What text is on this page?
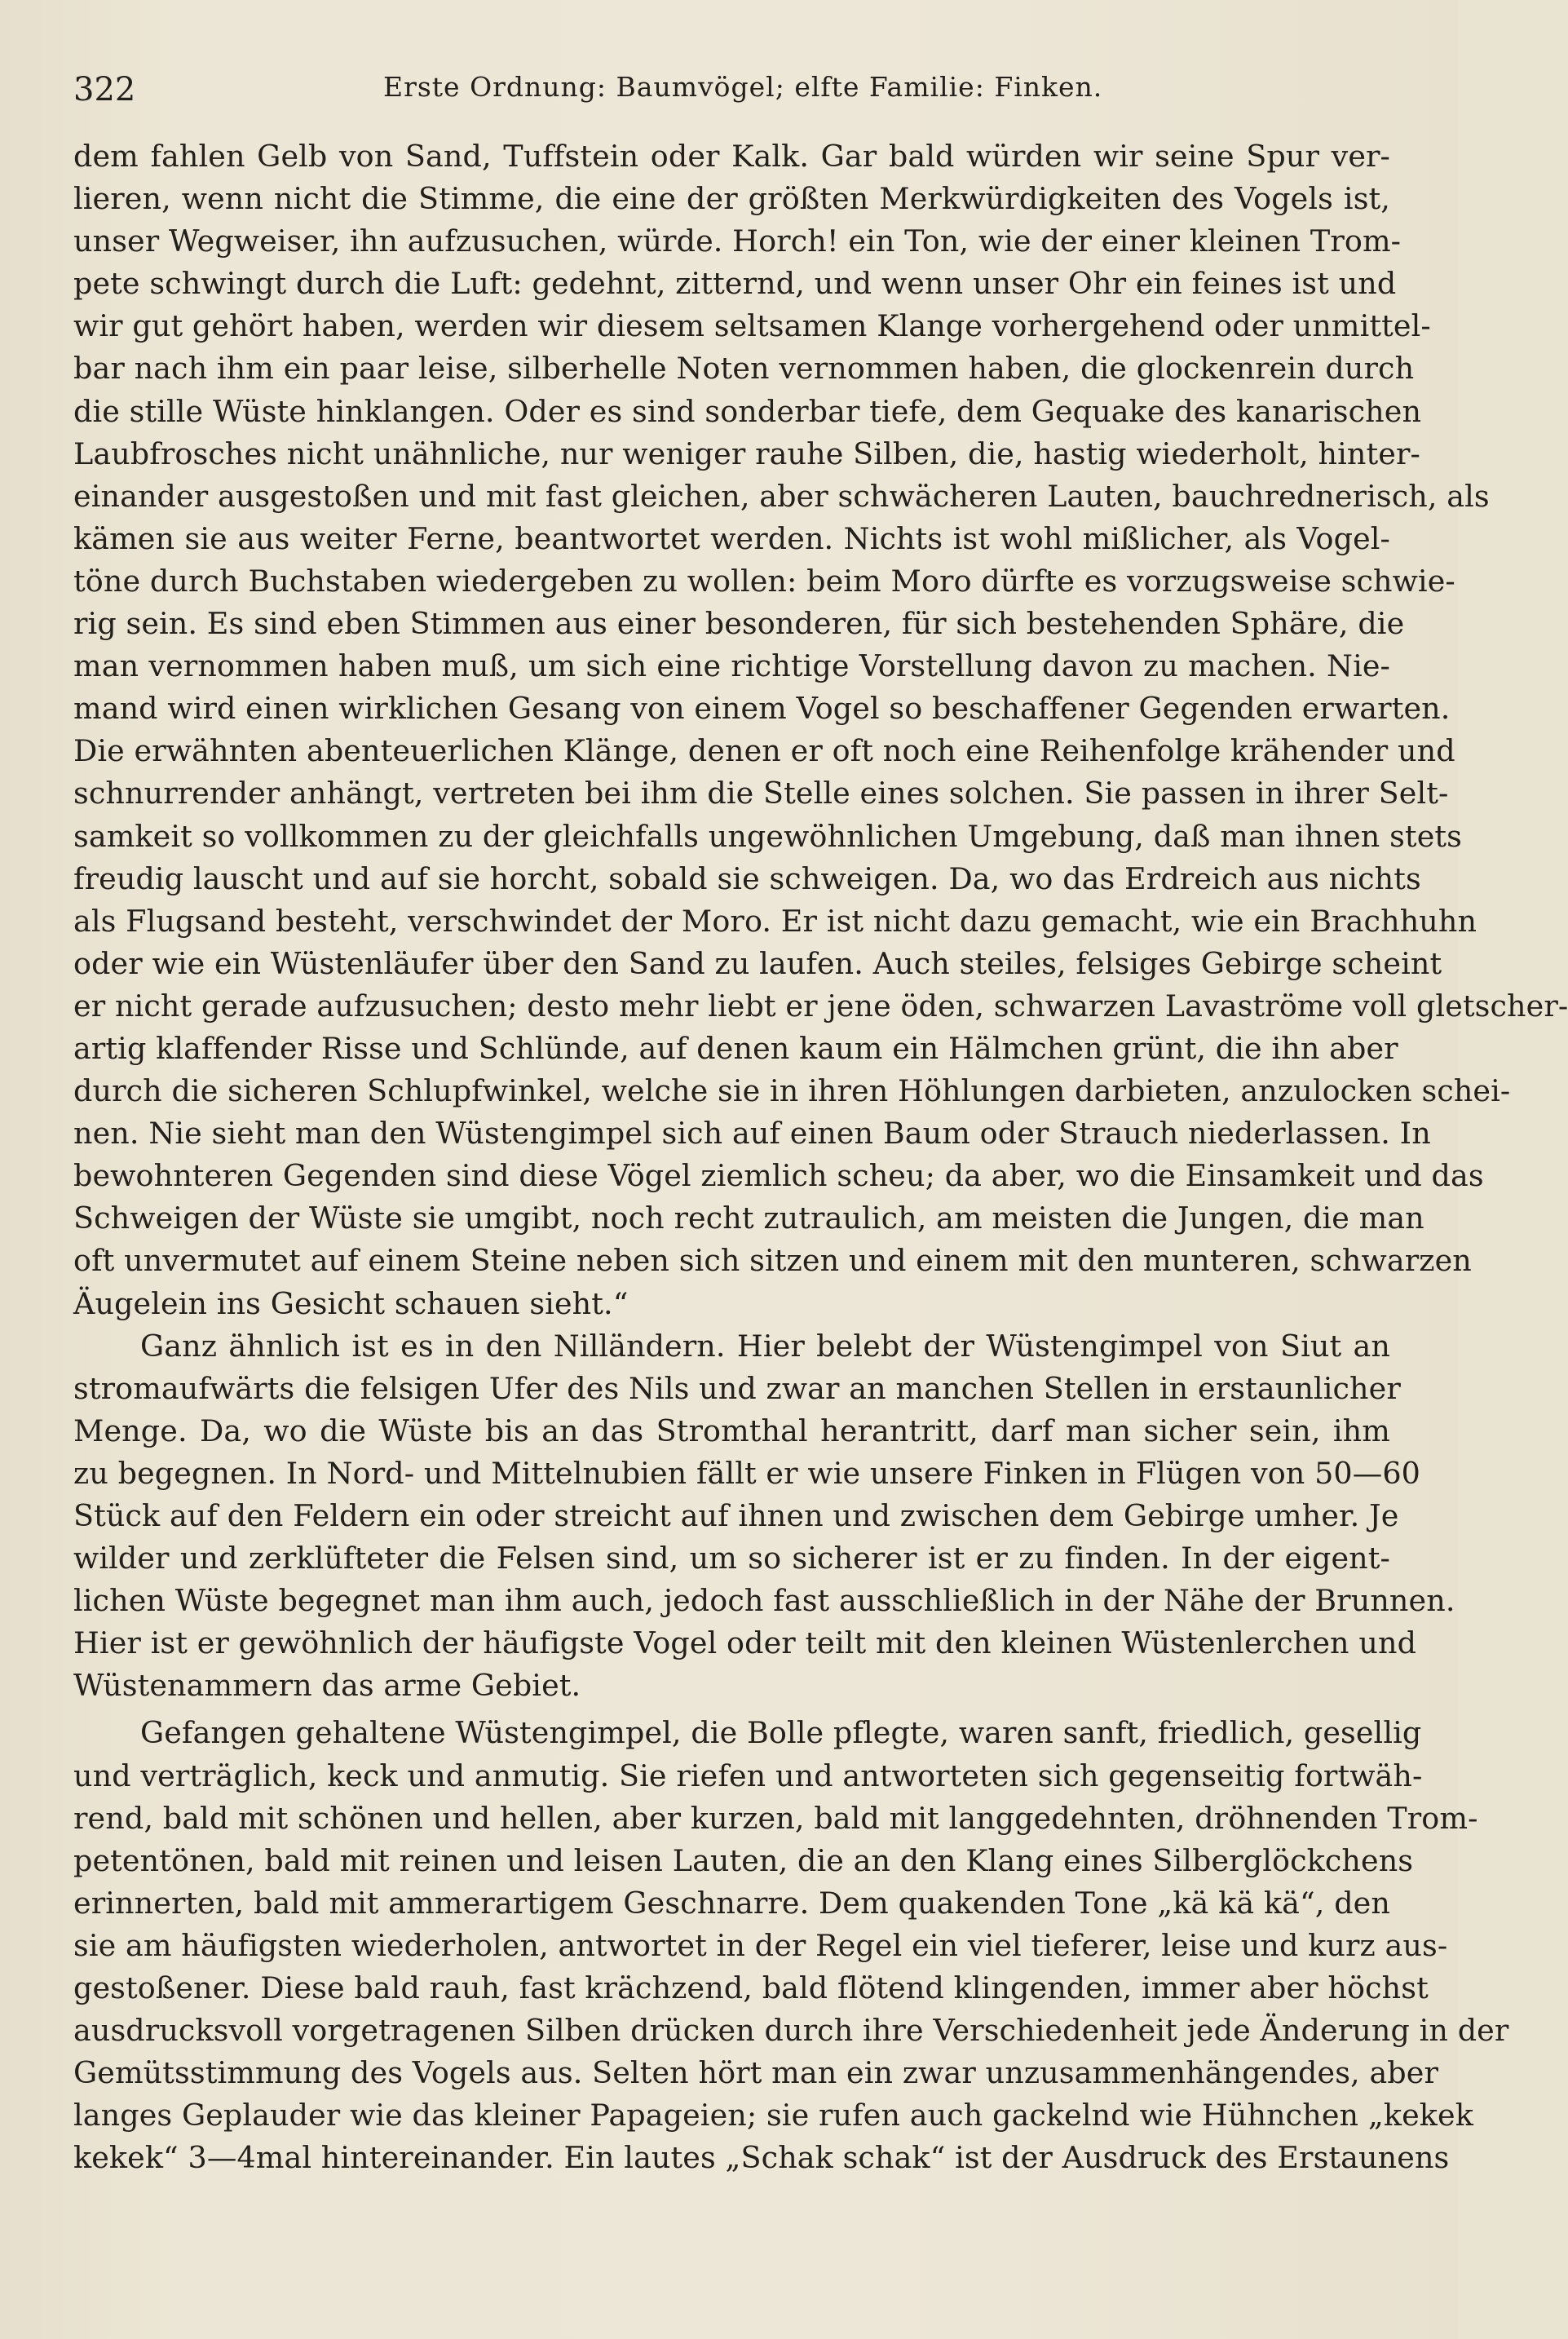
322	Erste Ordnung: Baumvögel; elfte Familie: Finken.
dem fahlen Gelb von Sand, Tuffstein oder Kalk. Gar bald würden wir seine Spur ver-
lieren, wenn nicht die Stimme, die eine der größten Merkwürdigkeiten des Vogels ist,
unser Wegweiser, ihn aufzusuchen, würde. Horch! ein Ton, wie der einer kleinen Trom-
pete schwingt durch die Luft: gedehnt, zitternd, und wenn unser Ohr ein feines ist und
wir gut gehört haben, werden wir diesem seltsamen Klange vorhergehend oder unmittel-
bar nach ihm ein paar leise, silberhelle Noten vernommen haben, die glockenrein durch
die stille Wüste hinklangen. Oder es sind sonderbar tiefe, dem Gequake des kanarischen
Laubfrosches nicht unähnliche, nur weniger rauhe Silben, die, hastig wiederholt, hinter-
einander ausgestoßen und mit fast gleichen, aber schwächeren Lauten, bauchrednerisch, als
kämen sie aus weiter Ferne, beantwortet werden. Nichts ist wohl mißlicher, als Vogel-
töne durch Buchstaben wiedergeben zu wollen: beim Moro dürfte es vorzugsweise schwie-
rig sein. Es sind eben Stimmen aus einer besonderen, für sich bestehenden Sphäre, die
man vernommen haben muß, um sich eine richtige Vorstellung davon zu machen. Nie-
mand wird einen wirklichen Gesang von einem Vogel so beschaffener Gegenden erwarten.
Die erwähnten abenteuerlichen Klänge, denen er oft noch eine Reihenfolge krähender und
schnurrender anhängt, vertreten bei ihm die Stelle eines solchen. Sie passen in ihrer Selt-
samkeit so vollkommen zu der gleichfalls ungewöhnlichen Umgebung, daß man ihnen stets
freudig lauscht und auf sie horcht, sobald sie schweigen. Da, wo das Erdreich aus nichts
als Flugsand besteht, verschwindet der Moro. Er ist nicht dazu gemacht, wie ein Brachhuhn
oder wie ein Wüstenläufer über den Sand zu laufen. Auch steiles, felsiges Gebirge scheint
er nicht gerade aufzusuchen; desto mehr liebt er jene öden, schwarzen Lavaströme voll gletscher-
artig klaffender Risse und Schlünde, auf denen kaum ein Hälmchen grünt, die ihn aber
durch die sicheren Schlupfwinkel, welche sie in ihren Höhlungen darbieten, anzulocken schei-
nen. Nie sieht man den Wüstengimpel sich auf einen Baum oder Strauch niederlassen. In
bewohnteren Gegenden sind diese Vögel ziemlich scheu; da aber, wo die Einsamkeit und das
Schweigen der Wüste sie umgibt, noch recht zutraulich, am meisten die Jungen, die man
oft unvermutet auf einem Steine neben sich sitzen und einem mit den munteren, schwarzen
Äugelein ins Gesicht schauen sieht.“
Ganz ähnlich ist es in den Nilländern. Hier belebt der Wüstengimpel von Siut an
stromaufwärts die felsigen Ufer des Nils und zwar an manchen Stellen in erstaunlicher
Menge. Da, wo die Wüste bis an das Stromthal herantritt, darf man sicher sein, ihm
zu begegnen. In Nord- und Mittelnubien fällt er wie unsere Finken in Flügen von 50—60
Stück auf den Feldern ein oder streicht auf ihnen und zwischen dem Gebirge umher. Je
wilder und zerklüfteter die Felsen sind, um so sicherer ist er zu finden. In der eigent-
lichen Wüste begegnet man ihm auch, jedoch fast ausschließlich in der Nähe der Brunnen.
Hier ist er gewöhnlich der häufigste Vogel oder teilt mit den kleinen Wüstenlerchen und
Wüstenammern das arme Gebiet.
Gefangen gehaltene Wüstengimpel, die Bolle pflegte, waren sanft, friedlich, gesellig
und verträglich, keck und anmutig. Sie riefen und antworteten sich gegenseitig fortwäh-
rend, bald mit schönen und hellen, aber kurzen, bald mit langgedehnten, dröhnenden Trom-
petentönen, bald mit reinen und leisen Lauten, die an den Klang eines Silberglöckchens
erinnerten, bald mit ammerartigem Geschnarre. Dem quakenden Tone „kä kä kä“, den
sie am häufigsten wiederholen, antwortet in der Regel ein viel tieferer, leise und kurz aus-
gestoßener. Diese bald rauh, fast krächzend, bald flötend klingenden, immer aber höchst
ausdrucksvoll vorgetragenen Silben drücken durch ihre Verschiedenheit jede Änderung in der
Gemütsstimmung des Vogels aus. Selten hört man ein zwar unzusammenhängendes, aber
langes Geplauder wie das kleiner Papageien; sie rufen auch gackelnd wie Hühnchen „kekek
kekek“ 3—4mal hintereinander. Ein lautes „Schak schak“ ist der Ausdruck des Erstaunens
